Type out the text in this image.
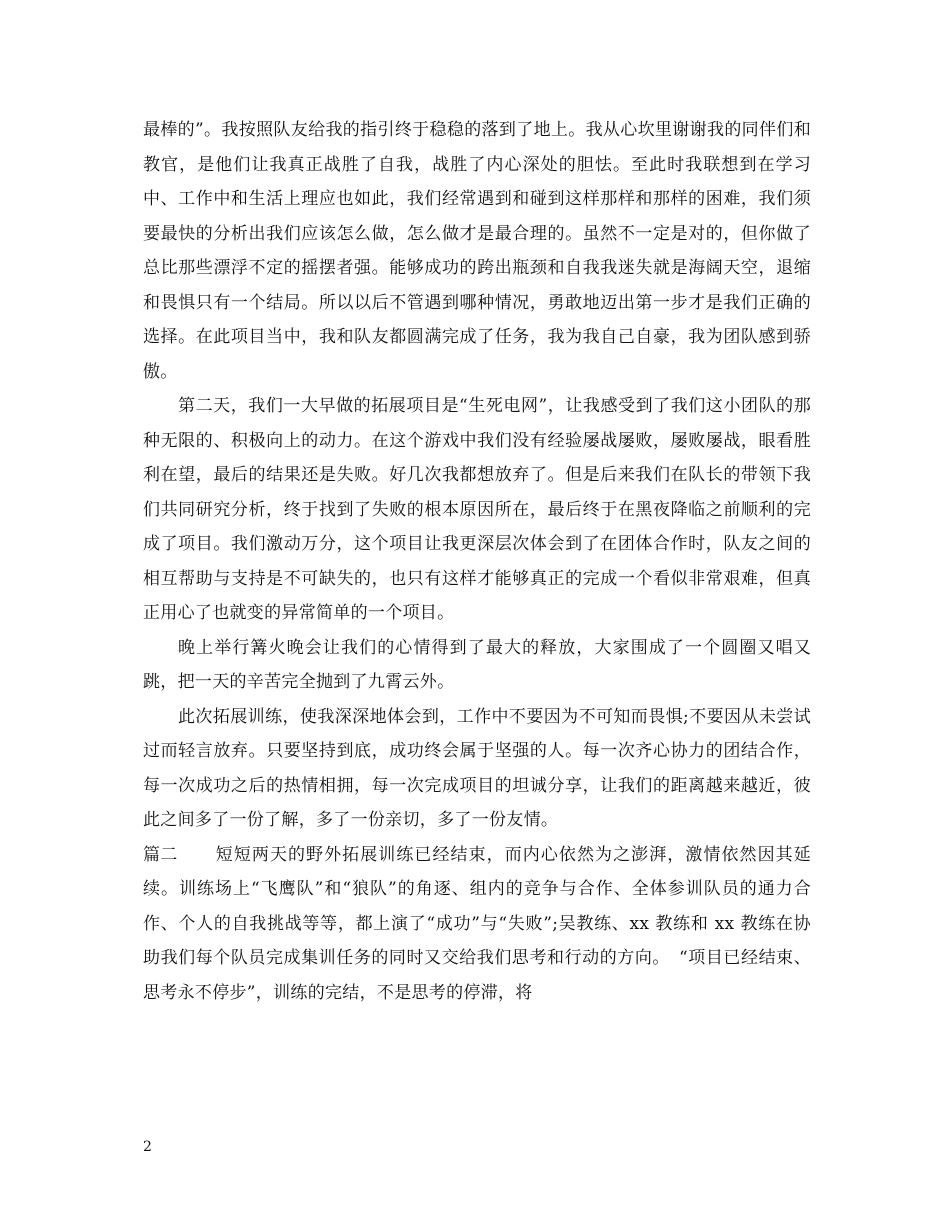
最棒的”。我按照队友给我的指引终于稳稳的落到了地上。我从心坎里谢谢我的同伴们和教官，是他们让我真正战胜了自我，战胜了内心深处的胆怯。至此时我联想到在学习中、工作中和生活上理应也如此，我们经常遇到和碰到这样那样和那样的困难，我们须要最快的分析出我们应该怎么做，怎么做才是最合理的。虽然不一定是对的，但你做了总比那些漂浮不定的摇摆者强。能够成功的跨出瓶颈和自我我迷失就是海阔天空，退缩和畏惧只有一个结局。所以以后不管遇到哪种情况，勇敢地迈出第一步才是我们正确的选择。在此项目当中，我和队友都圆满完成了任务，我为我自己自豪，我为团队感到骄傲。

第二天，我们一大早做的拓展项目是“生死电网”，让我感受到了我们这小团队的那种无限的、积极向上的动力。在这个游戏中我们没有经验屡战屡败，屡败屡战，眼看胜利在望，最后的结果还是失败。好几次我都想放弃了。但是后来我们在队长的带领下我们共同研究分析，终于找到了失败的根本原因所在，最后终于在黑夜降临之前顺利的完成了项目。我们激动万分，这个项目让我更深层次体会到了在团体合作时，队友之间的相互帮助与支持是不可缺失的，也只有这样才能够真正的完成一个看似非常艰难，但真正用心了也就变的异常简单的一个项目。

晚上举行篝火晚会让我们的心情得到了最大的释放，大家围成了一个圆圈又唱又跳，把一天的辛苦完全抛到了九霄云外。

此次拓展训练，使我深深地体会到，工作中不要因为不可知而畏惧;不要因从未尝试过而轻言放弃。只要坚持到底，成功终会属于坚强的人。每一次齐心协力的团结合作，每一次成功之后的热情相拥，每一次完成项目的坦诚分享，让我们的距离越来越近，彼此之间多了一份了解，多了一份亲切，多了一份友情。

篇二 短短两天的野外拓展训练已经结束，而内心依然为之澎湃，激情依然因其延续。训练场上“飞鹰队”和“狼队”的角逐、组内的竞争与合作、全体参训队员的通力合　作、个人的自我挑战等等，都上演了“成功”与“失败”;吴教练、xx 教练和 xx 教练在协助我们每个队员完成集训任务的同时又交给我们思考和行动的方向。　“项目已经结束、思考永不停步”，训练的完结，不是思考的停滞，将

2
